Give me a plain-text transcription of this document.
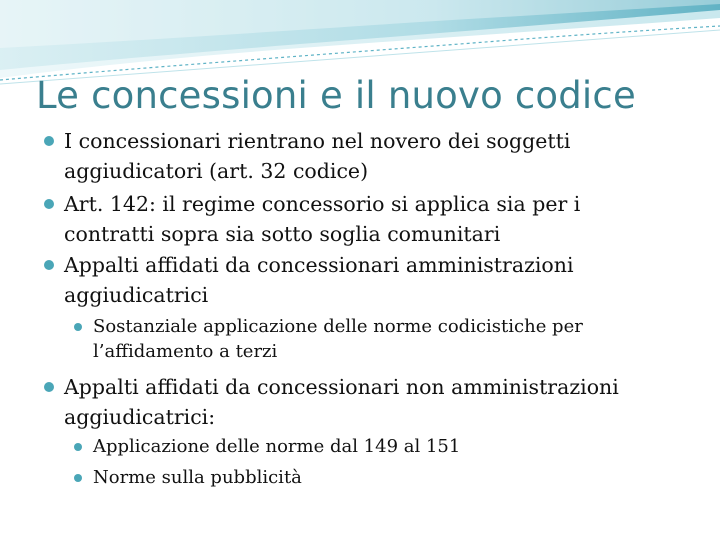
Le concessioni e il nuovo codice
I concessionari rientrano nel novero dei soggetti
aggiudicatori (art. 32 codice)
Art. 142: il regime concessorio si applica sia per i
contratti sopra sia sotto soglia comunitari
Appalti affidati da concessionari amministrazioni
aggiudicatrici
Sostanziale applicazione delle norme codicistiche per
l’affidamento a terzi
Appalti affidati da concessionari non amministrazioni
aggiudicatrici:
Applicazione delle norme dal 149 al 151
Norme sulla pubblicità
